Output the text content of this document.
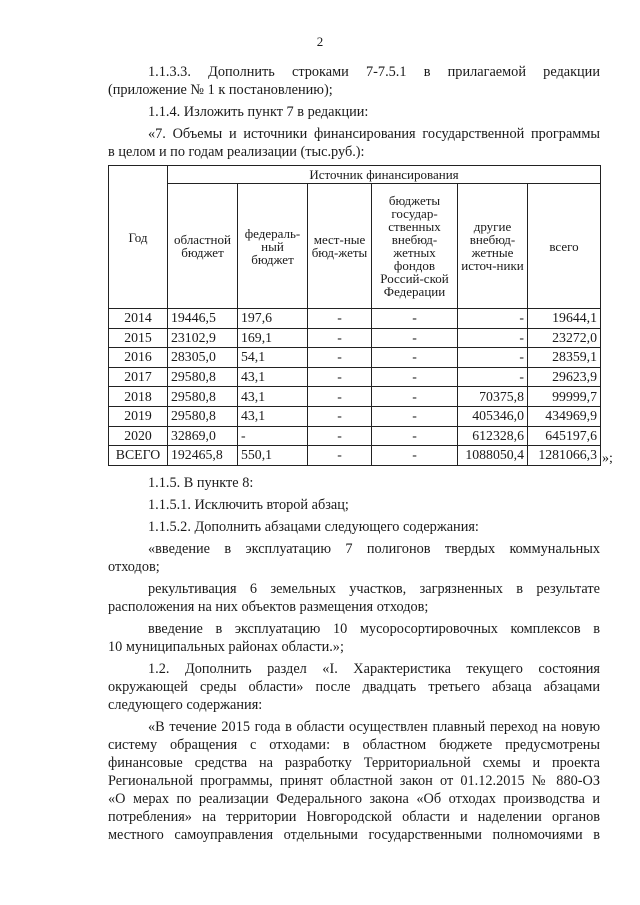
2

1.1.3.3. Дополнить строками 7-7.5.1 в прилагаемой редакции

(приложение № 1 к постановлению);

1.1.4. Изложить пункт 7 в редакции:

«7. Объемы и источники финансирования государственной программы

в целом и по годам реализации (тыс.руб.):

Год	Источник финансирования					
	областной бюджет	федераль-ный бюджет	мест-ные бюд-жеты	бюджеты государ-ственных внебюд-жетных фондов Россий-ской Федерации	другие внебюд-жетные источ-ники	всего
2014	19446,5	197,6	-	-	-	19644,1
2015	23102,9	169,1	-	-	-	23272,0
2016	28305,0	54,1	-	-	-	28359,1
2017	29580,8	43,1	-	-	-	29623,9
2018	29580,8	43,1	-	-	70375,8	99999,7
2019	29580,8	43,1	-	-	405346,0	434969,9
2020	32869,0	-	-	-	612328,6	645197,6
ВСЕГО	192465,8	550,1	-	-	1088050,4	1281066,3 »;

1.1.5. В пункте 8:

1.1.5.1. Исключить второй абзац;

1.1.5.2. Дополнить абзацами следующего содержания:

«введение в эксплуатацию 7 полигонов твердых коммунальных

отходов;

рекультивация 6 земельных участков, загрязненных в результате

расположения на них объектов размещения отходов;

введение в эксплуатацию 10 мусоросортировочных комплексов в

10 муниципальных районах области.»;

1.2. Дополнить раздел «I. Характеристика текущего состояния

окружающей среды области» после двадцать третьего абзаца абзацами

следующего содержания:

«В течение 2015 года в области осуществлен плавный переход на новую

систему обращения с отходами: в областном бюджете предусмотрены

финансовые средства на разработку Территориальной схемы и проекта

Региональной программы, принят областной закон от 01.12.2015 № 880-ОЗ

«О мерах по реализации Федерального закона «Об отходах производства и

потребления» на территории Новгородской области и наделении органов

местного самоуправления отдельными государственными полномочиями в
